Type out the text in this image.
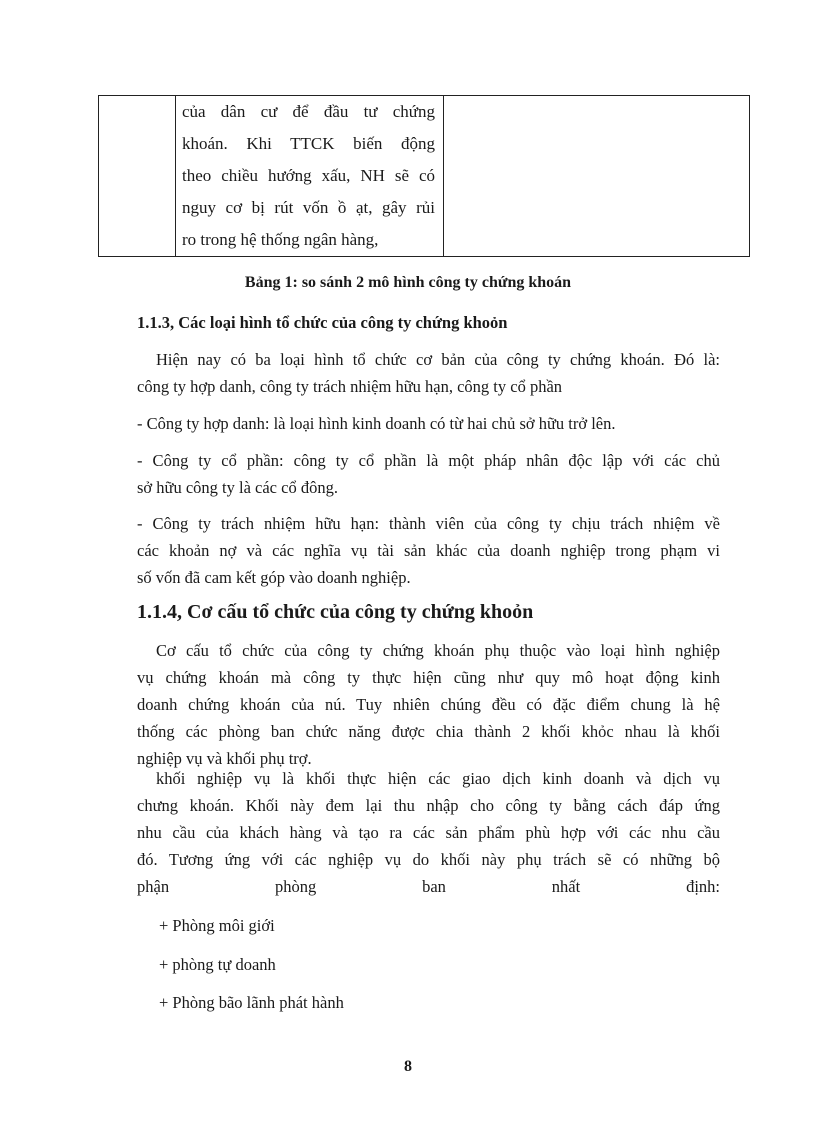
của dân cư để đầu tư chứng
khoán. Khi TTCK biến động
theo chiều hướng xấu, NH sẽ có
nguy cơ bị rút vốn ồ ạt, gây rủi
ro trong hệ thống ngân hàng,
Bảng 1: so sánh 2 mô hình công ty chứng khoán
1.1.3, Các loại hình tổ chức của công ty chứng khoỏn
Hiện nay có ba loại hình tổ chức cơ bản của công ty chứng khoán. Đó là:
công ty hợp danh, công ty trách nhiệm hữu hạn, công ty cổ phần
- Công ty hợp danh: là loại hình kinh doanh có từ hai chủ sở hữu trở lên.
- Công ty cổ phần: công ty cổ phần là một pháp nhân độc lập với các chủ
sở hữu công ty là các cổ đông.
- Công ty trách nhiệm hữu hạn: thành viên của công ty chịu trách nhiệm về
các khoản nợ và các nghĩa vụ tài sản khác của doanh nghiệp trong phạm vi
số vốn đã cam kết góp vào doanh nghiệp.
1.1.4, Cơ cấu tổ chức của công ty chứng khoỏn
Cơ cấu tổ chức của công ty chứng khoán phụ thuộc vào loại hình nghiệp
vụ chứng khoán mà công ty thực hiện cũng như quy mô hoạt động kinh
doanh chứng khoán của nú. Tuy nhiên chúng đều có đặc điểm chung là hệ
thống các phòng ban chức năng được chia thành 2 khối khỏc nhau là khối
nghiệp vụ và khối phụ trợ.
khối nghiệp vụ là khối thực hiện các giao dịch kinh doanh và dịch vụ
chưng khoán. Khối này đem lại thu nhập cho công ty bằng cách đáp ứng
nhu cầu của khách hàng và tạo ra các sản phẩm phù hợp với các nhu cầu
đó. Tương ứng với các nghiệp vụ do khối này phụ trách sẽ có những bộ
phận phòng ban nhất định:
+ Phòng môi giới
+ phòng tự doanh
+ Phòng bão lãnh phát hành
8
